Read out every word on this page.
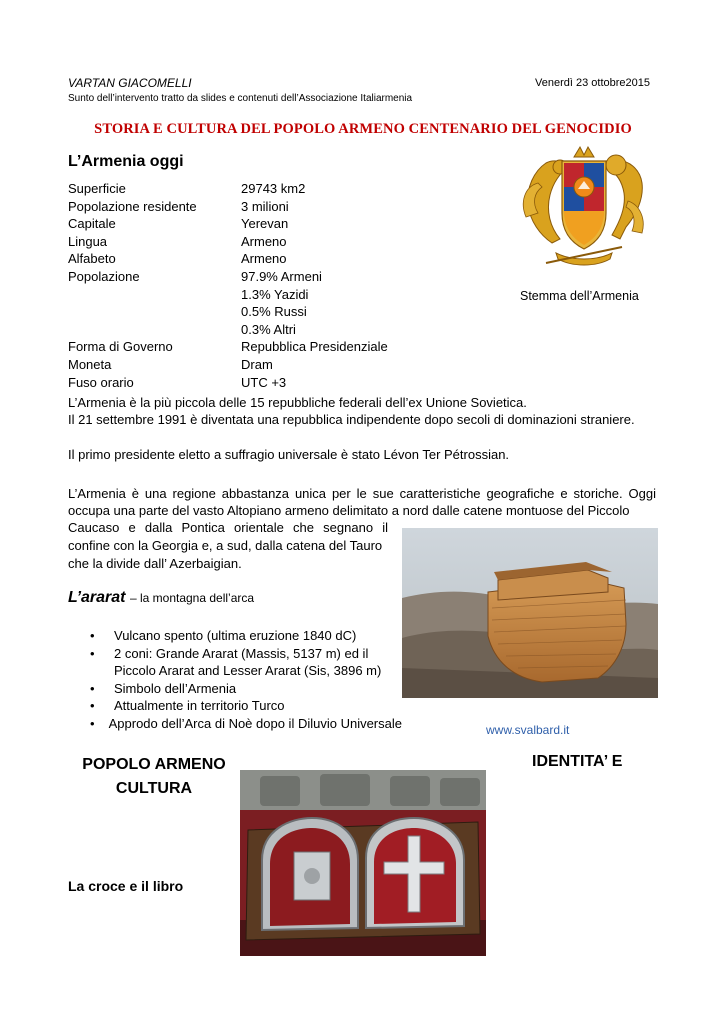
VARTAN GIACOMELLI	Venerdì 23 ottobre2015
Sunto dell’intervento tratto da slides e contenuti dell’Associazione Italiarmenia
STORIA E CULTURA DEL POPOLO ARMENO CENTENARIO DEL GENOCIDIO
L’Armenia oggi
Superficie	29743 km2
Popolazione residente	3 milioni
Capitale	Yerevan
Lingua	Armeno
Alfabeto	Armeno
Popolazione	97.9% Armeni
1.3% Yazidi
0.5% Russi
0.3% Altri
Forma di Governo	Repubblica Presidenziale
Moneta	Dram
Fuso orario	UTC +3
Stemma dell’Armenia
L’Armenia è la più piccola delle 15 repubbliche federali dell’ex Unione Sovietica.
Il 21 settembre 1991 è diventata una repubblica indipendente dopo secoli di dominazioni straniere.
Il primo presidente eletto a suffragio universale è stato Lévon Ter Pétrossian.
L’Armenia è una regione abbastanza unica per le sue caratteristiche geografiche e storiche. Oggi occupa una parte del vasto Altopiano armeno delimitato a nord dalle catene montuose del Piccolo
Caucaso e dalla Pontica orientale che segnano il
confine con la Georgia e, a sud, dalla catena del Tauro
che la divide dall’ Azerbaigian.
L’ararat – la montagna dell’arca
•	Vulcano spento (ultima eruzione 1840 dC)
•	2 coni: Grande Ararat (Massis, 5137 m) ed il
Piccolo Ararat and Lesser Ararat (Sis, 3896 m)
•	Simbolo dell’Armenia
•	Attualmente in territorio Turco
•	Approdo dell’Arca di Noè dopo il Diluvio Universale	www.svalbard.it
POPOLO ARMENO
CULTURA
IDENTITA’ E
La croce e il libro
